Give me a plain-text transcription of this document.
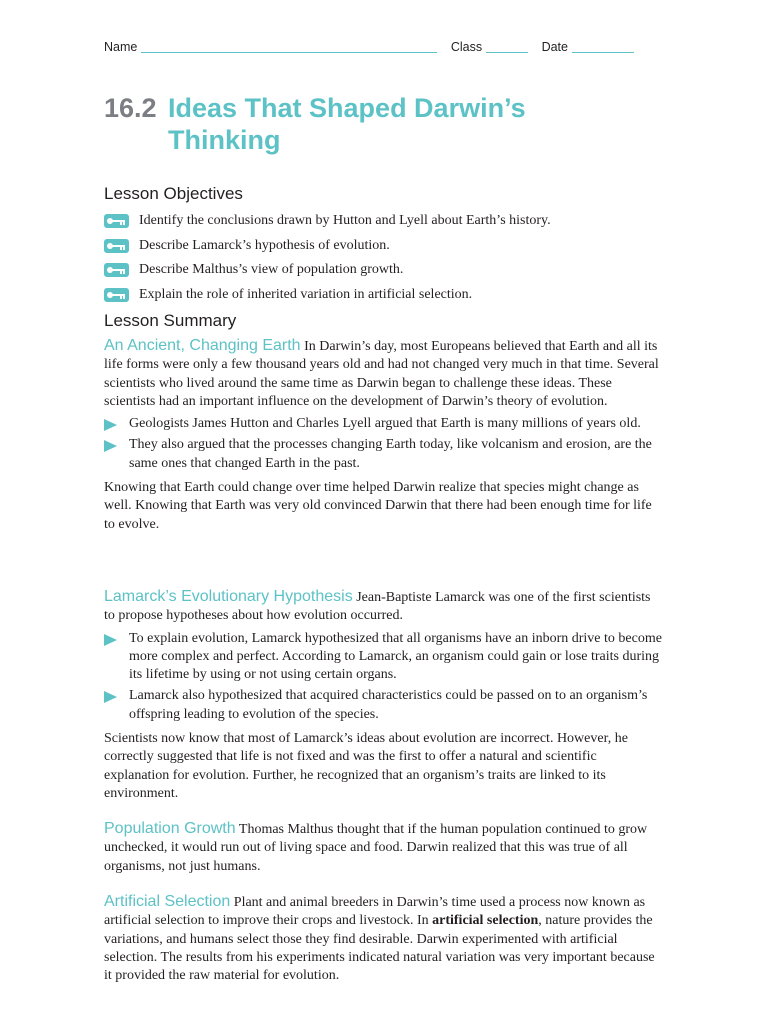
Name	Class	Date
16.2 Ideas That Shaped Darwin’s Thinking
Lesson Objectives
Identify the conclusions drawn by Hutton and Lyell about Earth’s history.
Describe Lamarck’s hypothesis of evolution.
Describe Malthus’s view of population growth.
Explain the role of inherited variation in artificial selection.
Lesson Summary

An Ancient, Changing Earth In Darwin’s day, most Europeans believed that Earth and all its life forms were only a few thousand years old and had not changed very much in that time. Several scientists who lived around the same time as Darwin began to challenge these ideas. These scientists had an important influence on the development of Darwin’s theory of evolution.

Geologists James Hutton and Charles Lyell argued that Earth is many millions of years old.
They also argued that the processes changing Earth today, like volcanism and erosion, are the same ones that changed Earth in the past.

Knowing that Earth could change over time helped Darwin realize that species might change as well. Knowing that Earth was very old convinced Darwin that there had been enough time for life to evolve.

Lamarck’s Evolutionary Hypothesis Jean-Baptiste Lamarck was one of the first scientists to propose hypotheses about how evolution occurred.

To explain evolution, Lamarck hypothesized that all organisms have an inborn drive to become more complex and perfect. According to Lamarck, an organism could gain or lose traits during its lifetime by using or not using certain organs.
Lamarck also hypothesized that acquired characteristics could be passed on to an organism’s offspring leading to evolution of the species.

Scientists now know that most of Lamarck’s ideas about evolution are incorrect. However, he correctly suggested that life is not fixed and was the first to offer a natural and scientific explanation for evolution. Further, he recognized that an organism’s traits are linked to its environment.

Population Growth Thomas Malthus thought that if the human population continued to grow unchecked, it would run out of living space and food. Darwin realized that this was true of all organisms, not just humans.

Artificial Selection Plant and animal breeders in Darwin’s time used a process now known as artificial selection to improve their crops and livestock. In artificial selection, nature provides the variations, and humans select those they find desirable. Darwin experimented with artificial selection. The results from his experiments indicated natural variation was very important because it provided the raw material for evolution.
